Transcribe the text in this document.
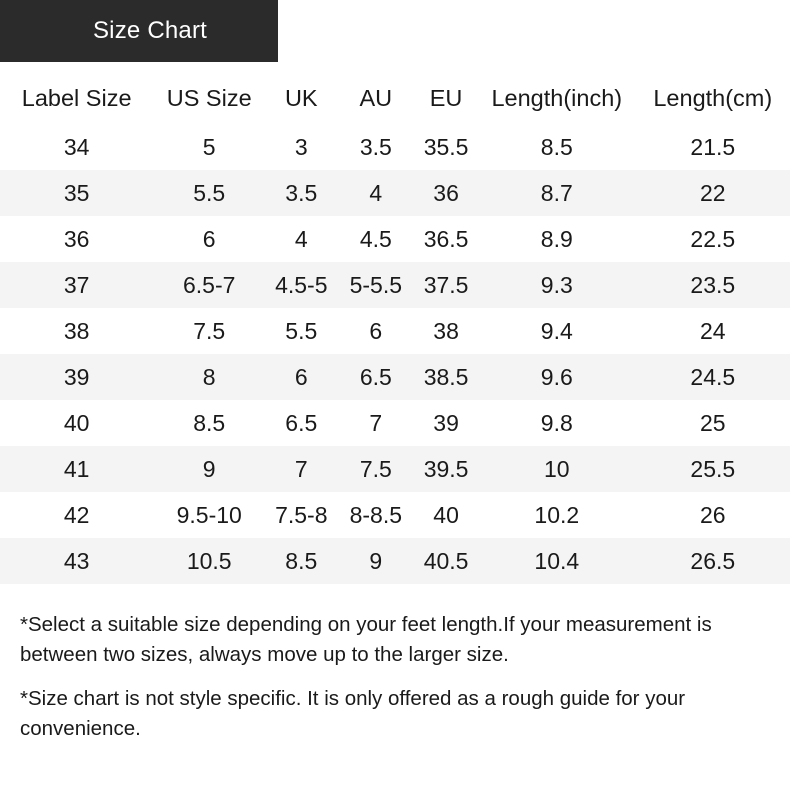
Size Chart
Label Size	US Size	UK	AU	EU	Length(inch)	Length(cm)
34	5	3	3.5	35.5	8.5	21.5
35	5.5	3.5	4	36	8.7	22
36	6	4	4.5	36.5	8.9	22.5
37	6.5-7	4.5-5	5-5.5	37.5	9.3	23.5
38	7.5	5.5	6	38	9.4	24
39	8	6	6.5	38.5	9.6	24.5
40	8.5	6.5	7	39	9.8	25
41	9	7	7.5	39.5	10	25.5
42	9.5-10	7.5-8	8-8.5	40	10.2	26
43	10.5	8.5	9	40.5	10.4	26.5

*Select a suitable size depending on your feet length.If your measurement is between two sizes, always move up to the larger size.

*Size chart is not style specific. It is only offered as a rough guide for your convenience.
